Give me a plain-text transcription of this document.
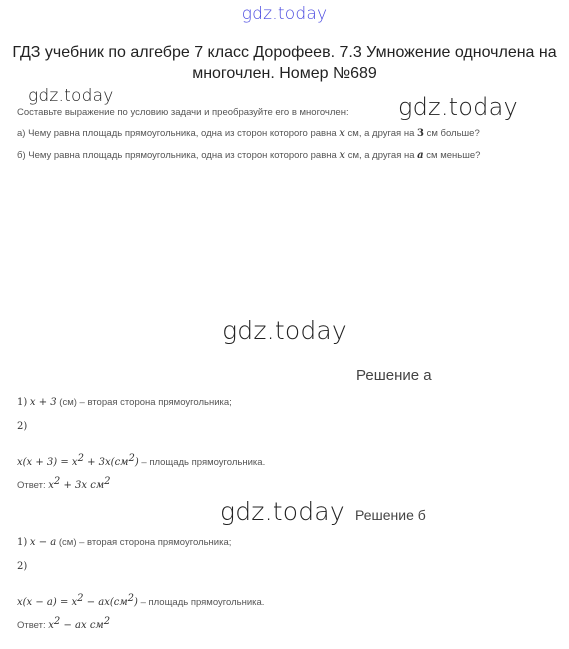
gdz.today
ГДЗ учебник по алгебре 7 класс Дорофеев. 7.3 Умножение одночлена на многочлен. Номер №689
gdz.today
Составьте выражение по условию задачи и преобразуйте его в многочлен: gdz.today
а) Чему равна площадь прямоугольника, одна из сторон которого равна x см, а другая на 3 см больше?
б) Чему равна площадь прямоугольника, одна из сторон которого равна x см, а другая на a см меньше?
gdz.today
Решение а
1) x + 3 (см) – вторая сторона прямоугольника;
2)
$x(x + 3) = x^2 + 3x(см^2)$ – площадь прямоугольника.
Ответ: $x^2 + 3x$ $см^2$
gdz.today Решение б
1) x − a (см) – вторая сторона прямоугольника;
2)
$x(x - a) = x^2 - ax(см^2)$ – площадь прямоугольника.
Ответ: $x^2$ − ax $см^2$
